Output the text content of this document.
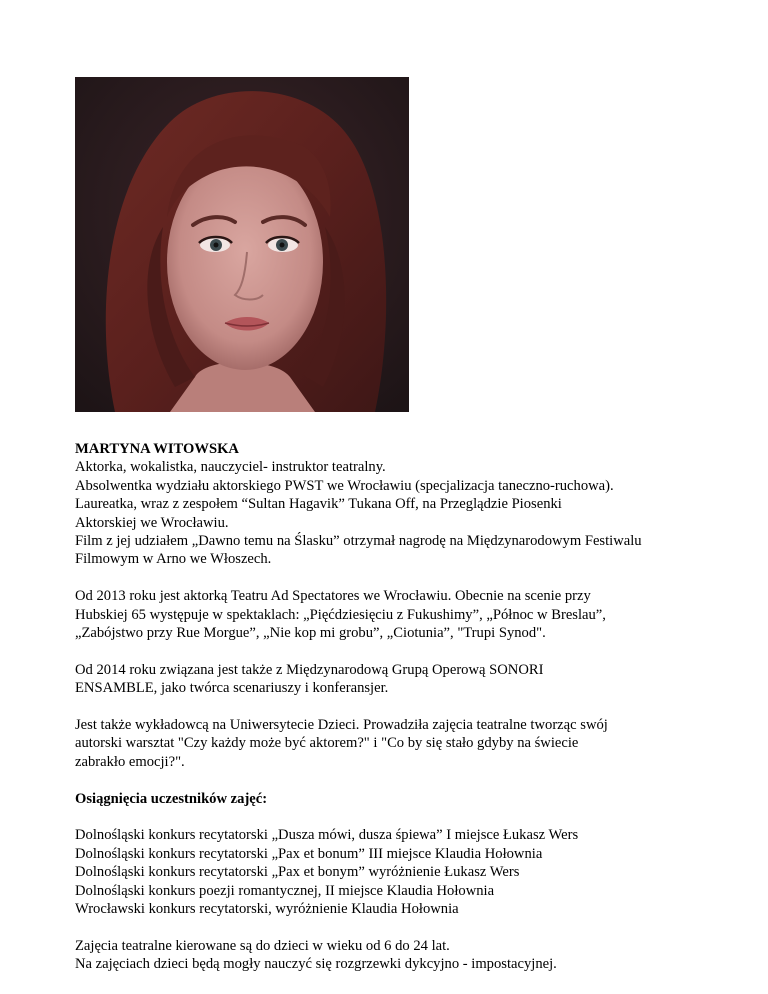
MARTYNA WITOWSKA
Aktorka, wokalistka, nauczyciel- instruktor teatralny.
Absolwentka wydziału aktorskiego PWST we Wrocławiu (specjalizacja taneczno-ruchowa).
Laureatka, wraz z zespołem “Sultan Hagavik” Tukana Off, na Przeglądzie Piosenki
Aktorskiej we Wrocławiu.
Film z jej udziałem „Dawno temu na Ślasku” otrzymał nagrodę na Międzynarodowym Festiwalu
Filmowym w Arno we Włoszech.
Od 2013 roku jest aktorką Teatru Ad Spectatores we Wrocławiu. Obecnie na scenie przy
Hubskiej 65 występuje w spektaklach: „Pięćdziesięciu z Fukushimy”, „Północ w Breslau”,
„Zabójstwo przy Rue Morgue”, „Nie kop mi grobu”, „Ciotunia”, "Trupi Synod".
Od 2014 roku związana jest także z Międzynarodową Grupą Operową SONORI
ENSAMBLE, jako twórca scenariuszy i konferansjer.
Jest także wykładowcą na Uniwersytecie Dzieci. Prowadziła zajęcia teatralne tworząc swój
autorski warsztat "Czy każdy może być aktorem?" i "Co by się stało gdyby na świecie
zabrakło emocji?".
Osiągnięcia uczestników zajęć:
Dolnośląski konkurs recytatorski „Dusza mówi, dusza śpiewa” I miejsce Łukasz Wers
Dolnośląski konkurs recytatorski „Pax et bonum” III miejsce Klaudia Hołownia
Dolnośląski konkurs recytatorski „Pax et bonym” wyróżnienie Łukasz Wers
Dolnośląski konkurs poezji romantycznej, II miejsce Klaudia Hołownia
Wrocławski konkurs recytatorski, wyróżnienie Klaudia Hołownia
Zajęcia teatralne kierowane są do dzieci w wieku od 6 do 24 lat.
Na zajęciach dzieci będą mogły nauczyć się rozgrzewki dykcyjno - impostacyjnej.
